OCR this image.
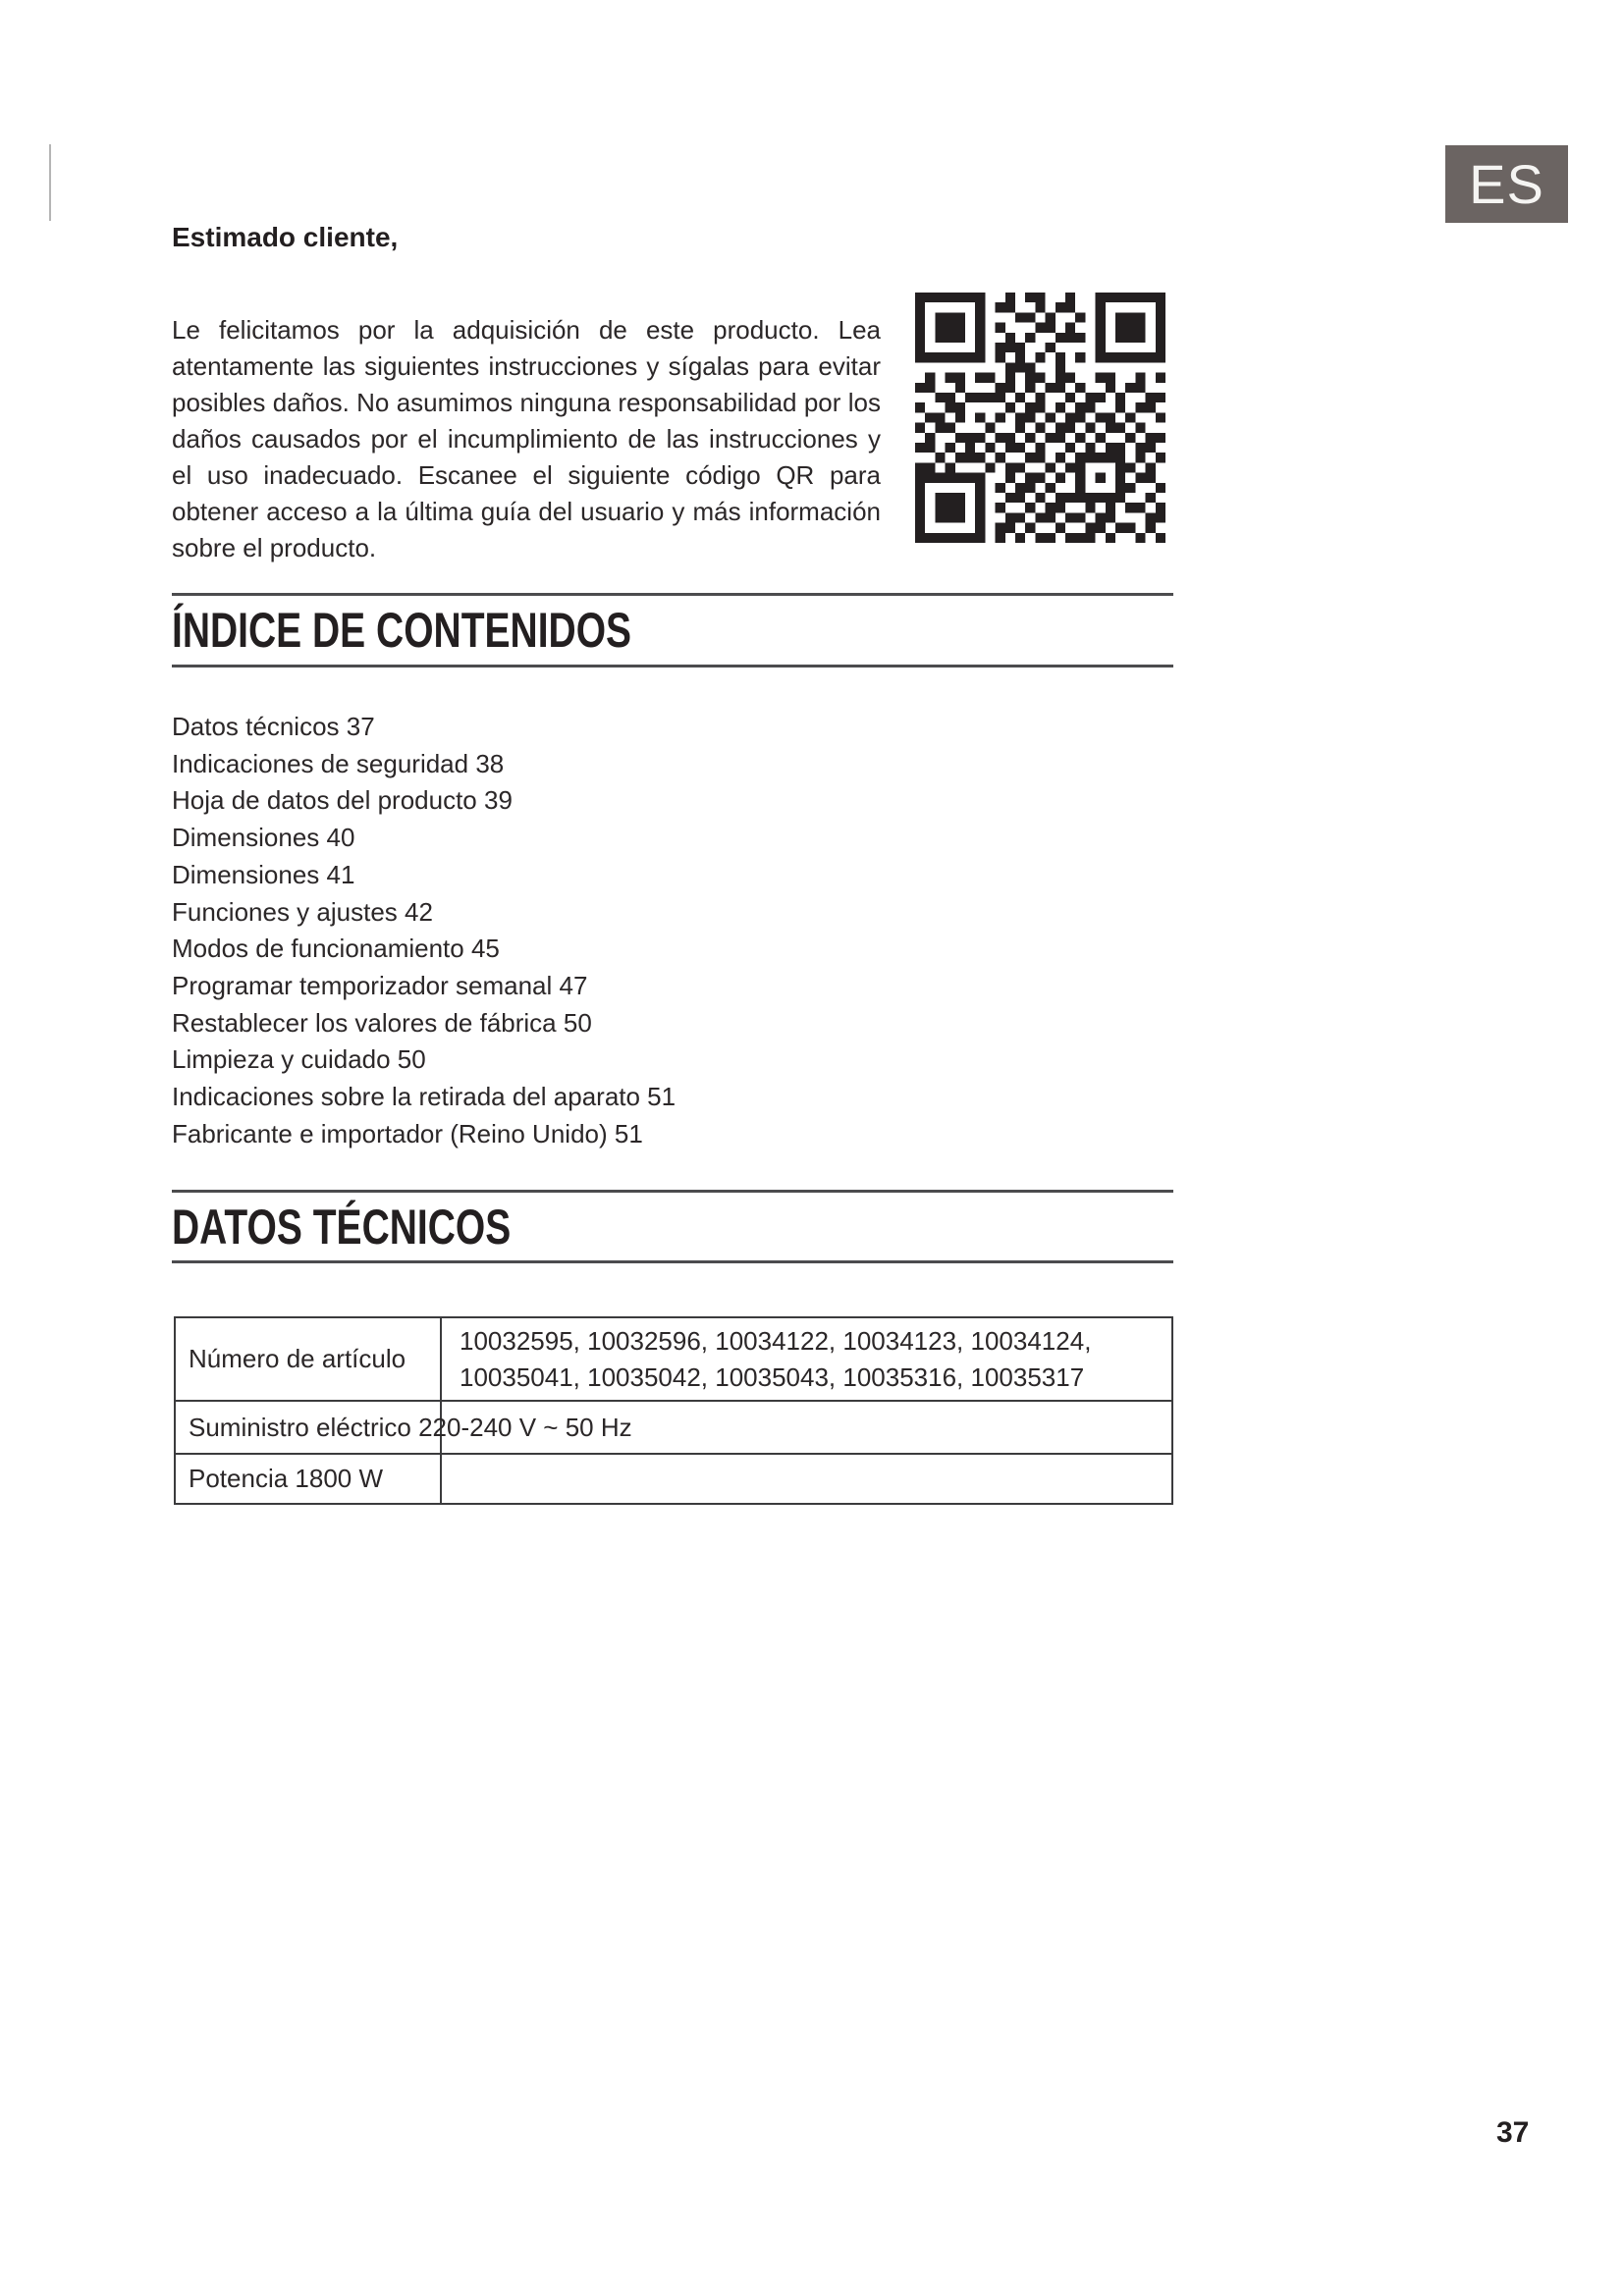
ES
Estimado cliente,

Le felicitamos por la adquisición de este producto. Lea atentamente las siguientes instrucciones y sígalas para evitar posibles daños. No asumimos ninguna responsabilidad por los daños causados por el incumplimiento de las instrucciones y el uso inadecuado. Escanee el siguiente código QR para obtener acceso a la última guía del usuario y más información sobre el producto.

ÍNDICE DE CONTENIDOS
Datos técnicos 37
Indicaciones de seguridad 38
Hoja de datos del producto 39
Dimensiones 40
Dimensiones 41
Funciones y ajustes 42
Modos de funcionamiento 45
Programar temporizador semanal 47
Restablecer los valores de fábrica 50
Limpieza y cuidado 50
Indicaciones sobre la retirada del aparato 51
Fabricante e importador (Reino Unido) 51
DATOS TÉCNICOS
Número de artículo
10032595, 10032596, 10034122, 10034123, 10034124,
10035041, 10035042, 10035043, 10035316, 10035317
Suministro eléctrico 220-240 V ~ 50 Hz
Potencia 1800 W
37
